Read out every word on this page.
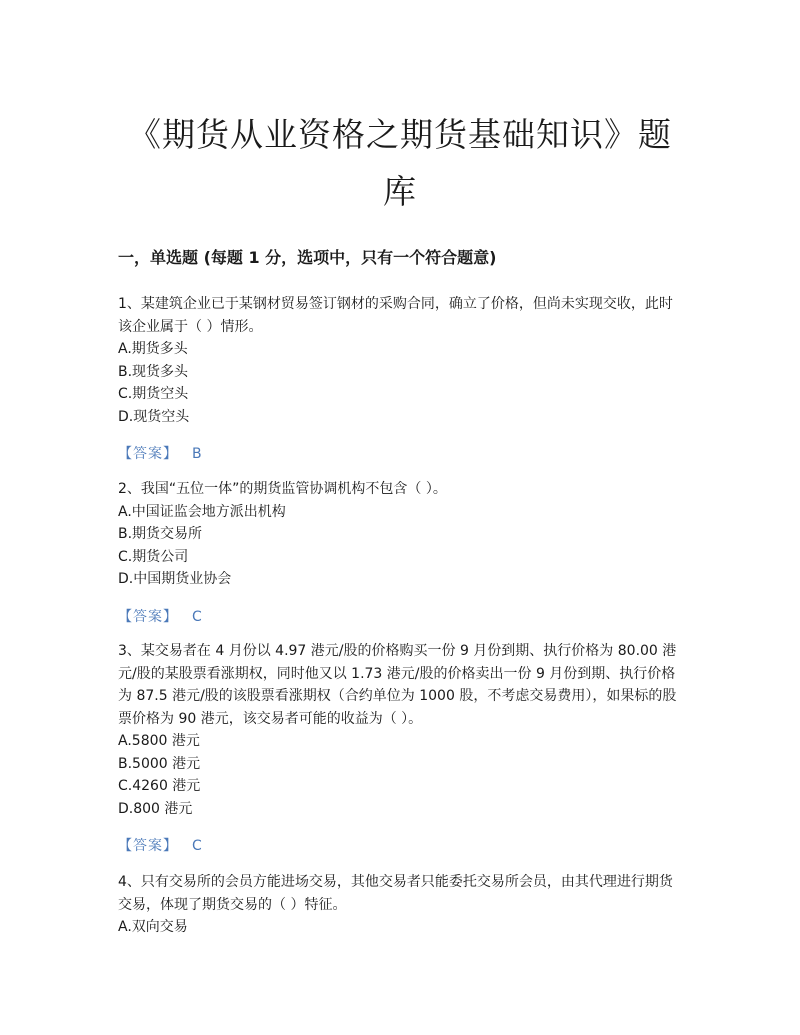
《期货从业资格之期货基础知识》题
库
一，单选题 (每题 1 分，选项中，只有一个符合题意)

1、某建筑企业已于某钢材贸易签订钢材的采购合同，确立了价格，但尚未实现交收，此时该企业属于（ ）情形。

A.期货多头
B.现货多头
C.期货空头
D.现货空头
【答案】 B

2、我国“五位一体”的期货监管协调机构不包含（ ）。

A.中国证监会地方派出机构
B.期货交易所
C.期货公司
D.中国期货业协会
【答案】 C

3、某交易者在 4 月份以 4.97 港元/股的价格购买一份 9 月份到期、执行价格为 80.00 港元/股的某股票看涨期权，同时他又以 1.73 港元/股的价格卖出一份 9 月份到期、执行价格为 87.5 港元/股的该股票看涨期权（合约单位为 1000 股，不考虑交易费用），如果标的股票价格为 90 港元，该交易者可能的收益为（ ）。

A.5800 港元
B.5000 港元
C.4260 港元
D.800 港元
【答案】 C

4、只有交易所的会员方能进场交易，其他交易者只能委托交易所会员，由其代理进行期货交易，体现了期货交易的（ ）特征。

A.双向交易
